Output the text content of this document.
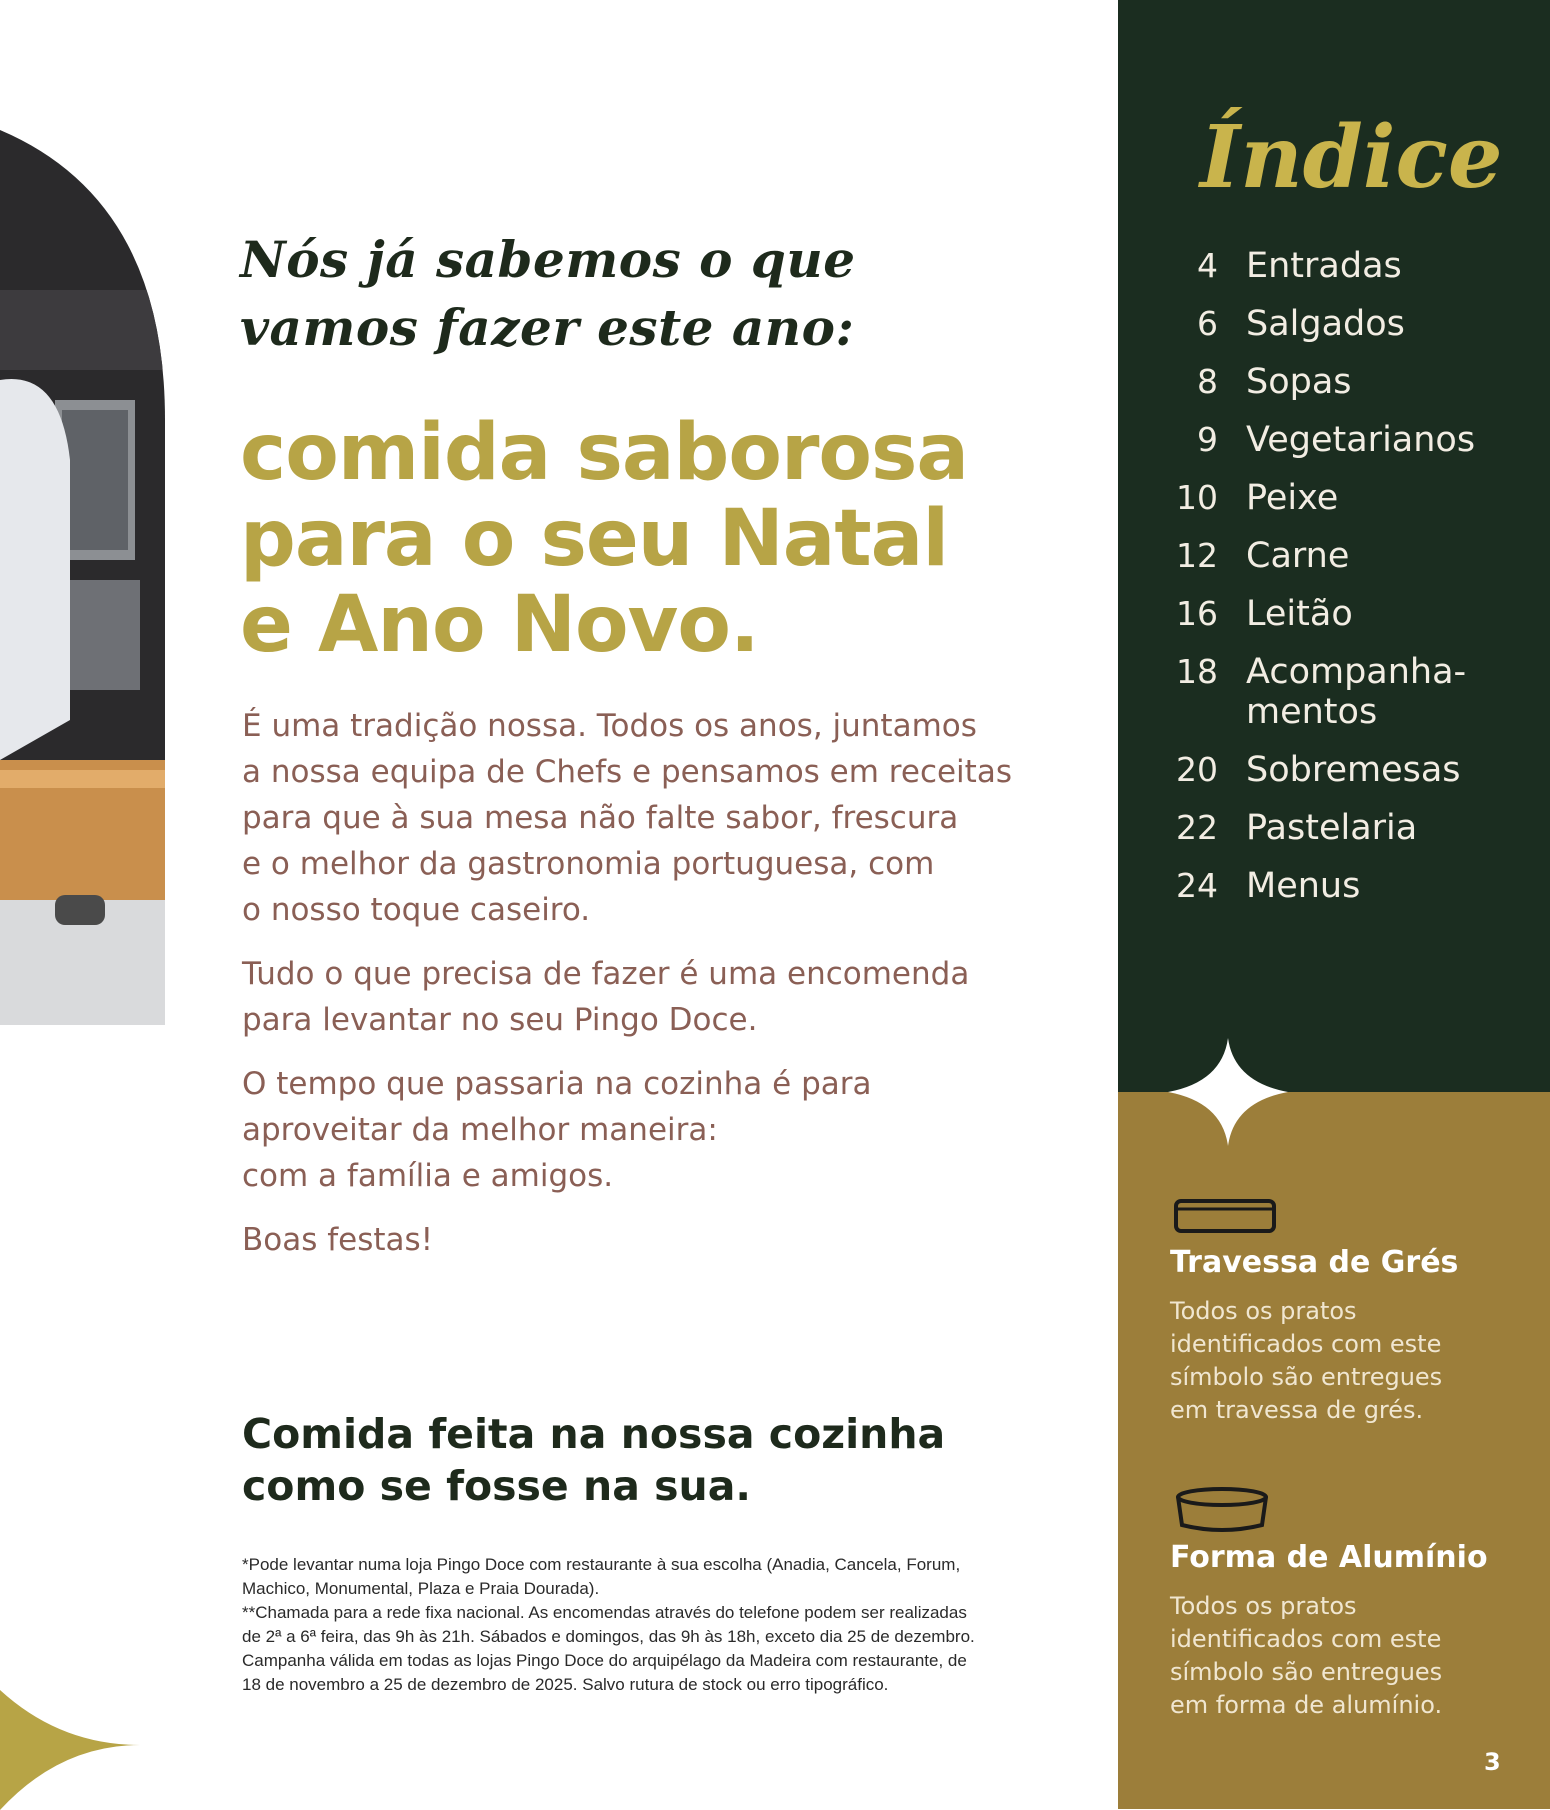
Nós já sabemos o que
vamos fazer este ano:
comida saborosa
para o seu Natal
e Ano Novo.

É uma tradição nossa. Todos os anos, juntamos
a nossa equipa de Chefs e pensamos em receitas
para que à sua mesa não falte sabor, frescura
e o melhor da gastronomia portuguesa, com
o nosso toque caseiro.

Tudo o que precisa de fazer é uma encomenda
para levantar no seu Pingo Doce.

O tempo que passaria na cozinha é para
aproveitar da melhor maneira:
com a família e amigos.

Boas festas!

Comida feita na nossa cozinha
como se fosse na sua.

*Pode levantar numa loja Pingo Doce com restaurante à sua escolha (Anadia, Cancela, Forum,

Machico, Monumental, Plaza e Praia Dourada).

**Chamada para a rede fixa nacional. As encomendas através do telefone podem ser realizadas

de 2ª a 6ª feira, das 9h às 21h. Sábados e domingos, das 9h às 18h, exceto dia 25 de dezembro.

Campanha válida em todas as lojas Pingo Doce do arquipélago da Madeira com restaurante, de

18 de novembro a 25 de dezembro de 2025. Salvo rutura de stock ou erro tipográfico.

Índice
4 Entradas
6 Salgados
8 Sopas
9 Vegetarianos
10 Peixe
12 Carne
16 Leitão
18 Acompanha-mentos
20 Sobremesas
22 Pastelaria
24 Menus
Travessa de Grés

Todos os pratos
identificados com este
símbolo são entregues
em travessa de grés.

Forma de Alumínio

Todos os pratos
identificados com este
símbolo são entregues
em forma de alumínio.

3
